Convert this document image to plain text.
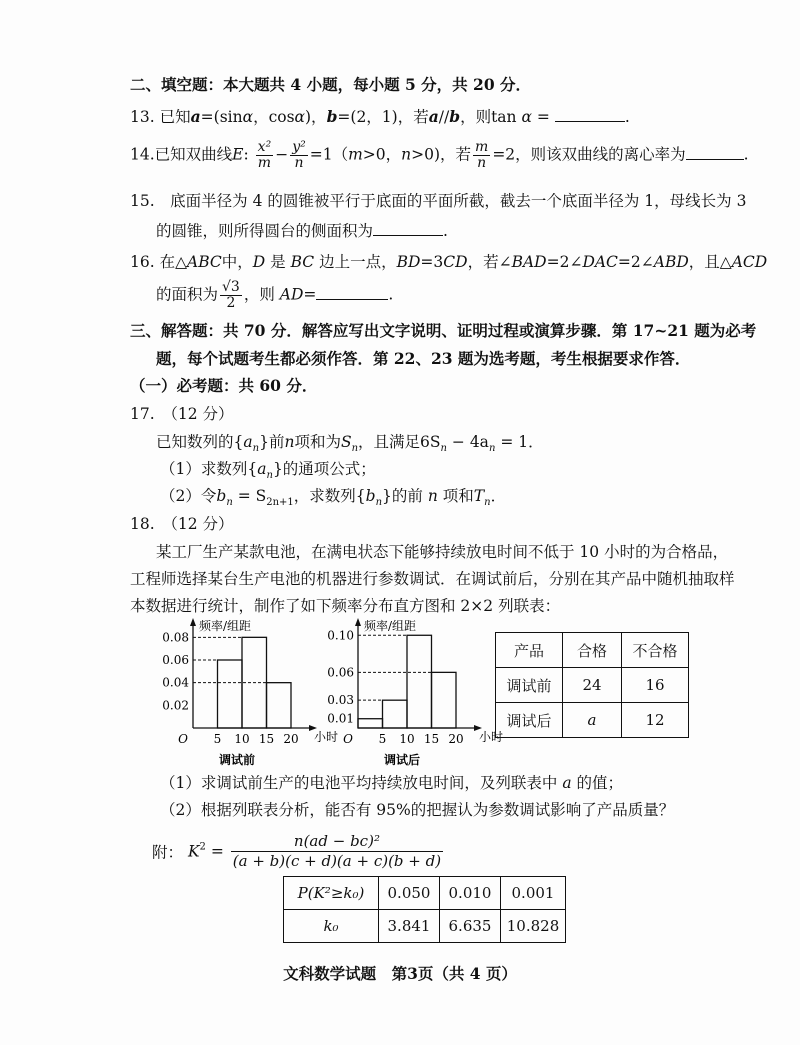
二、填空题：本大题共 4 小题，每小题 5 分，共 20 分．
13. 已知a=(sinα，cosα)，b=(2，1)，若a//b，则tan α =	.
14.已知双曲线E: $\frac{\text{x²}}{m} - \frac{\text{y²}}{n} =1(m>0$，n>0)，若 $\frac{m}{n} =2$，则该双曲线的离心率为	.
15.　底面半径为 4 的圆锥被平行于底面的平面所截，截去一个底面半径为 1，母线长为 3
的圆锥，则所得圆台的侧面积为	.
16. 在△ABC中，D 是 BC 边上一点，BD=3CD，若∠BAD=2∠DAC=2∠ABD，且△ACD
的面积为 $\frac{√3}{2}$ ，则 AD=	.
三、解答题：共 70 分．解答应写出文字说明、证明过程或演算步骤．第 17~21 题为必考
题，每个试题考生都必须作答．第 22、23 题为选考题，考生根据要求作答．
（一）必考题：共 60 分．
17.　（12 分）
已知数列的$\{a_n\}$前n项和为$S_n$，且满足$6S_n - 4a_n = 1$．
（1）求数列$\{a_n\}$的通项公式；
（2）令$b_n = S_{2n+1}$，求数列$\{b_n\}$的前 n 项和$T_n$．
18.　（12 分）
某工厂生产某款电池，在满电状态下能够持续放电时间不低于 10 小时的为合格品，
工程师选择某台生产电池的机器进行参数调试．在调试前后，分别在其产品中随机抽取样
本数据进行统计，制作了如下频率分布直方图和 2×2 列联表：
频率/组距
小时
0.08
0.06
0.04
0.02
O 5 10 15 20
调试前
频率/组距
小时
0.10
0.06
0.03
0.01
O 5 10 15 20
调试后
产品	合格	不合格
调试前	24	16
调试后	a	12
（1）求调试前生产的电池平均持续放电时间，及列联表中 a 的值；
（2）根据列联表分析，能否有 95%的把握认为参数调试影响了产品质量？
附： $K^2 = \frac{\text{n(ad − bc)²}}{(a + b)(c + d)(a + c)(b + d)}$
P(K²≥k₀)	0.050	0.010	0.001
k₀	3.841	6.635	10.828
文科数学试题　第3页（共 4 页）
